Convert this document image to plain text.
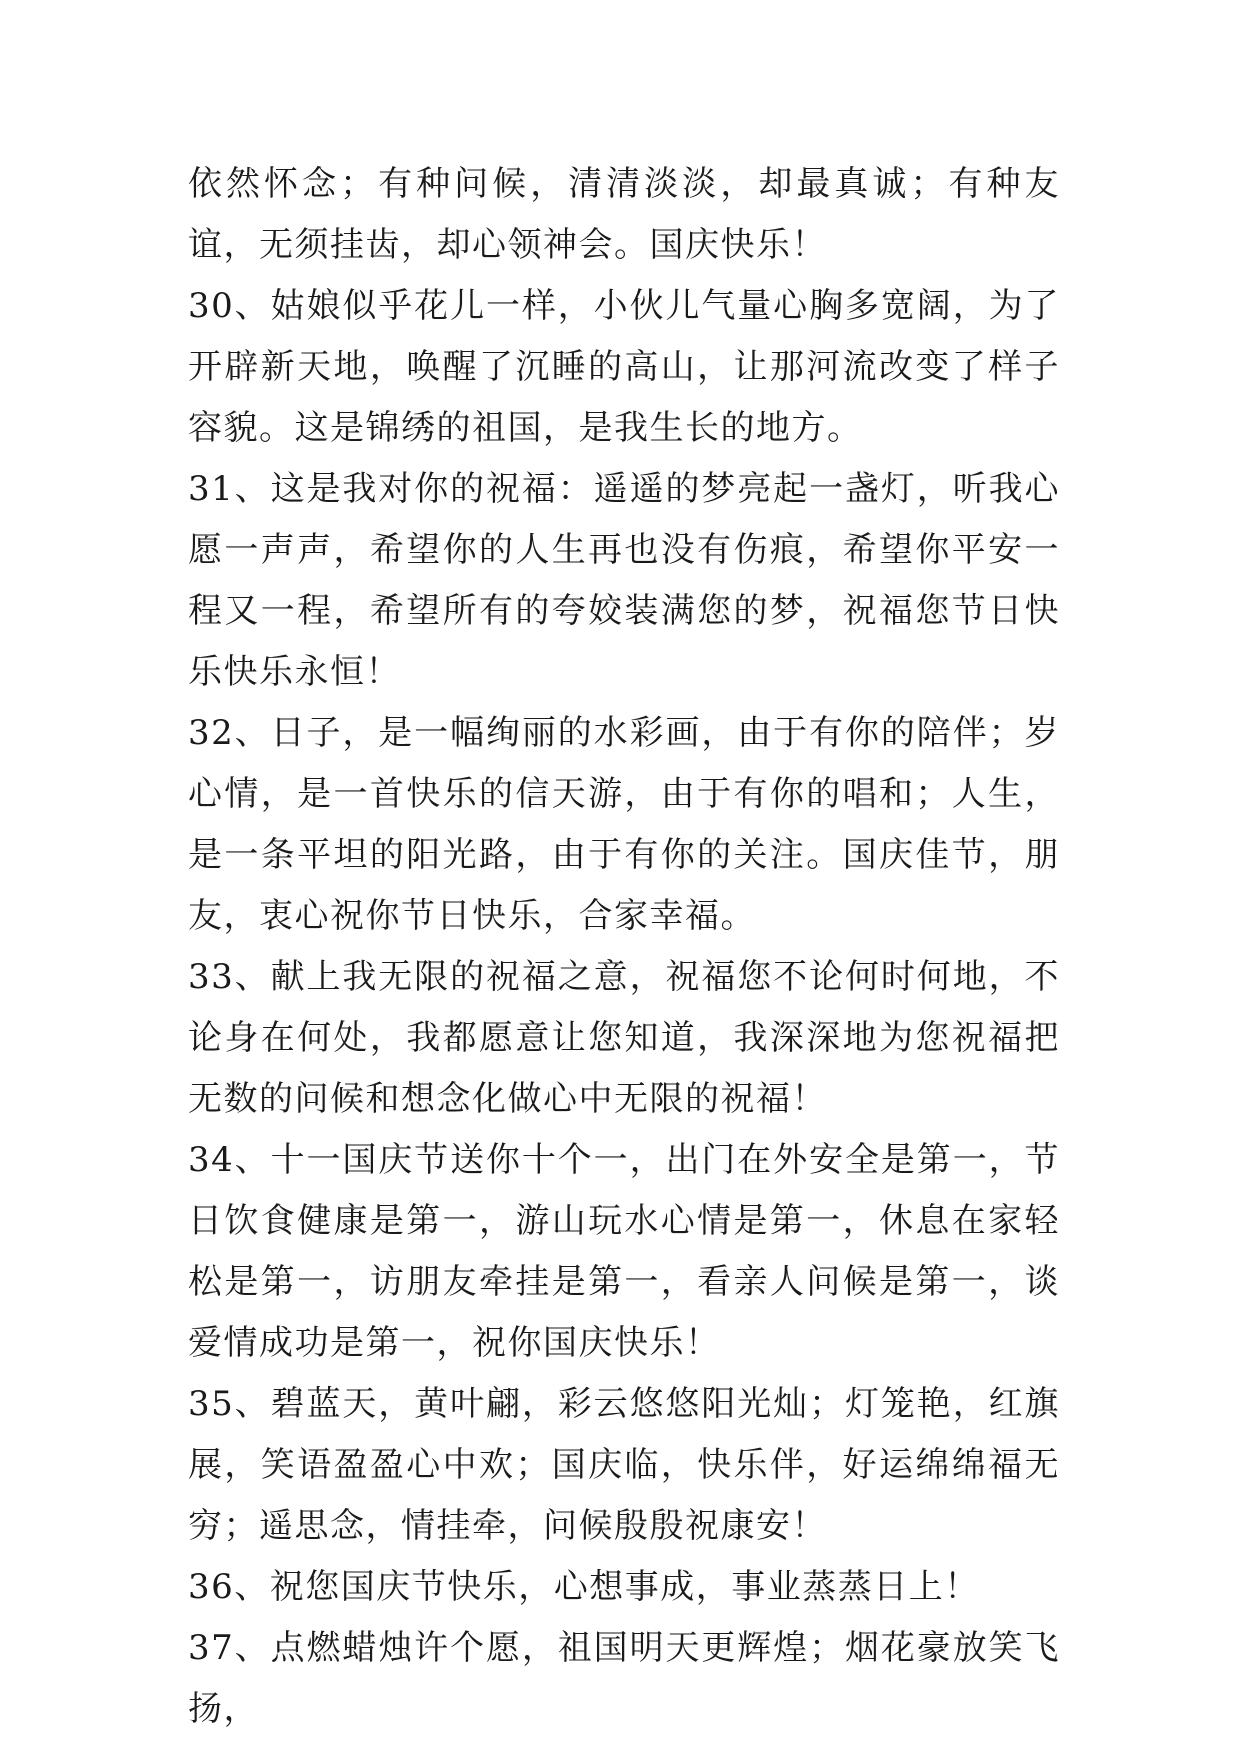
依然怀念；有种问候，清清淡淡，却最真诚；有种友谊，无须挂齿，却心领神会。国庆快乐！

30、姑娘似乎花儿一样，小伙儿气量心胸多宽阔，为了开辟新天地，唤醒了沉睡的高山，让那河流改变了样子容貌。这是锦绣的祖国，是我生长的地方。

31、这是我对你的祝福：遥遥的梦亮起一盏灯，听我心愿一声声，希望你的人生再也没有伤痕，希望你平安一程又一程，希望所有的夸姣装满您的梦，祝福您节日快乐快乐永恒！

32、日子，是一幅绚丽的水彩画，由于有你的陪伴；岁心情，是一首快乐的信天游，由于有你的唱和；人生，是一条平坦的阳光路，由于有你的关注。国庆佳节，朋友，衷心祝你节日快乐，合家幸福。

33、献上我无限的祝福之意，祝福您不论何时何地，不论身在何处，我都愿意让您知道，我深深地为您祝福把无数的问候和想念化做心中无限的祝福！

34、十一国庆节送你十个一，出门在外安全是第一，节日饮食健康是第一，游山玩水心情是第一，休息在家轻松是第一，访朋友牵挂是第一，看亲人问候是第一，谈爱情成功是第一，祝你国庆快乐！

35、碧蓝天，黄叶翩，彩云悠悠阳光灿；灯笼艳，红旗展，笑语盈盈心中欢；国庆临，快乐伴，好运绵绵福无穷；遥思念，情挂牵，问候殷殷祝康安！

36、祝您国庆节快乐，心想事成，事业蒸蒸日上！

37、点燃蜡烛许个愿，祖国明天更辉煌；烟花豪放笑飞扬，
